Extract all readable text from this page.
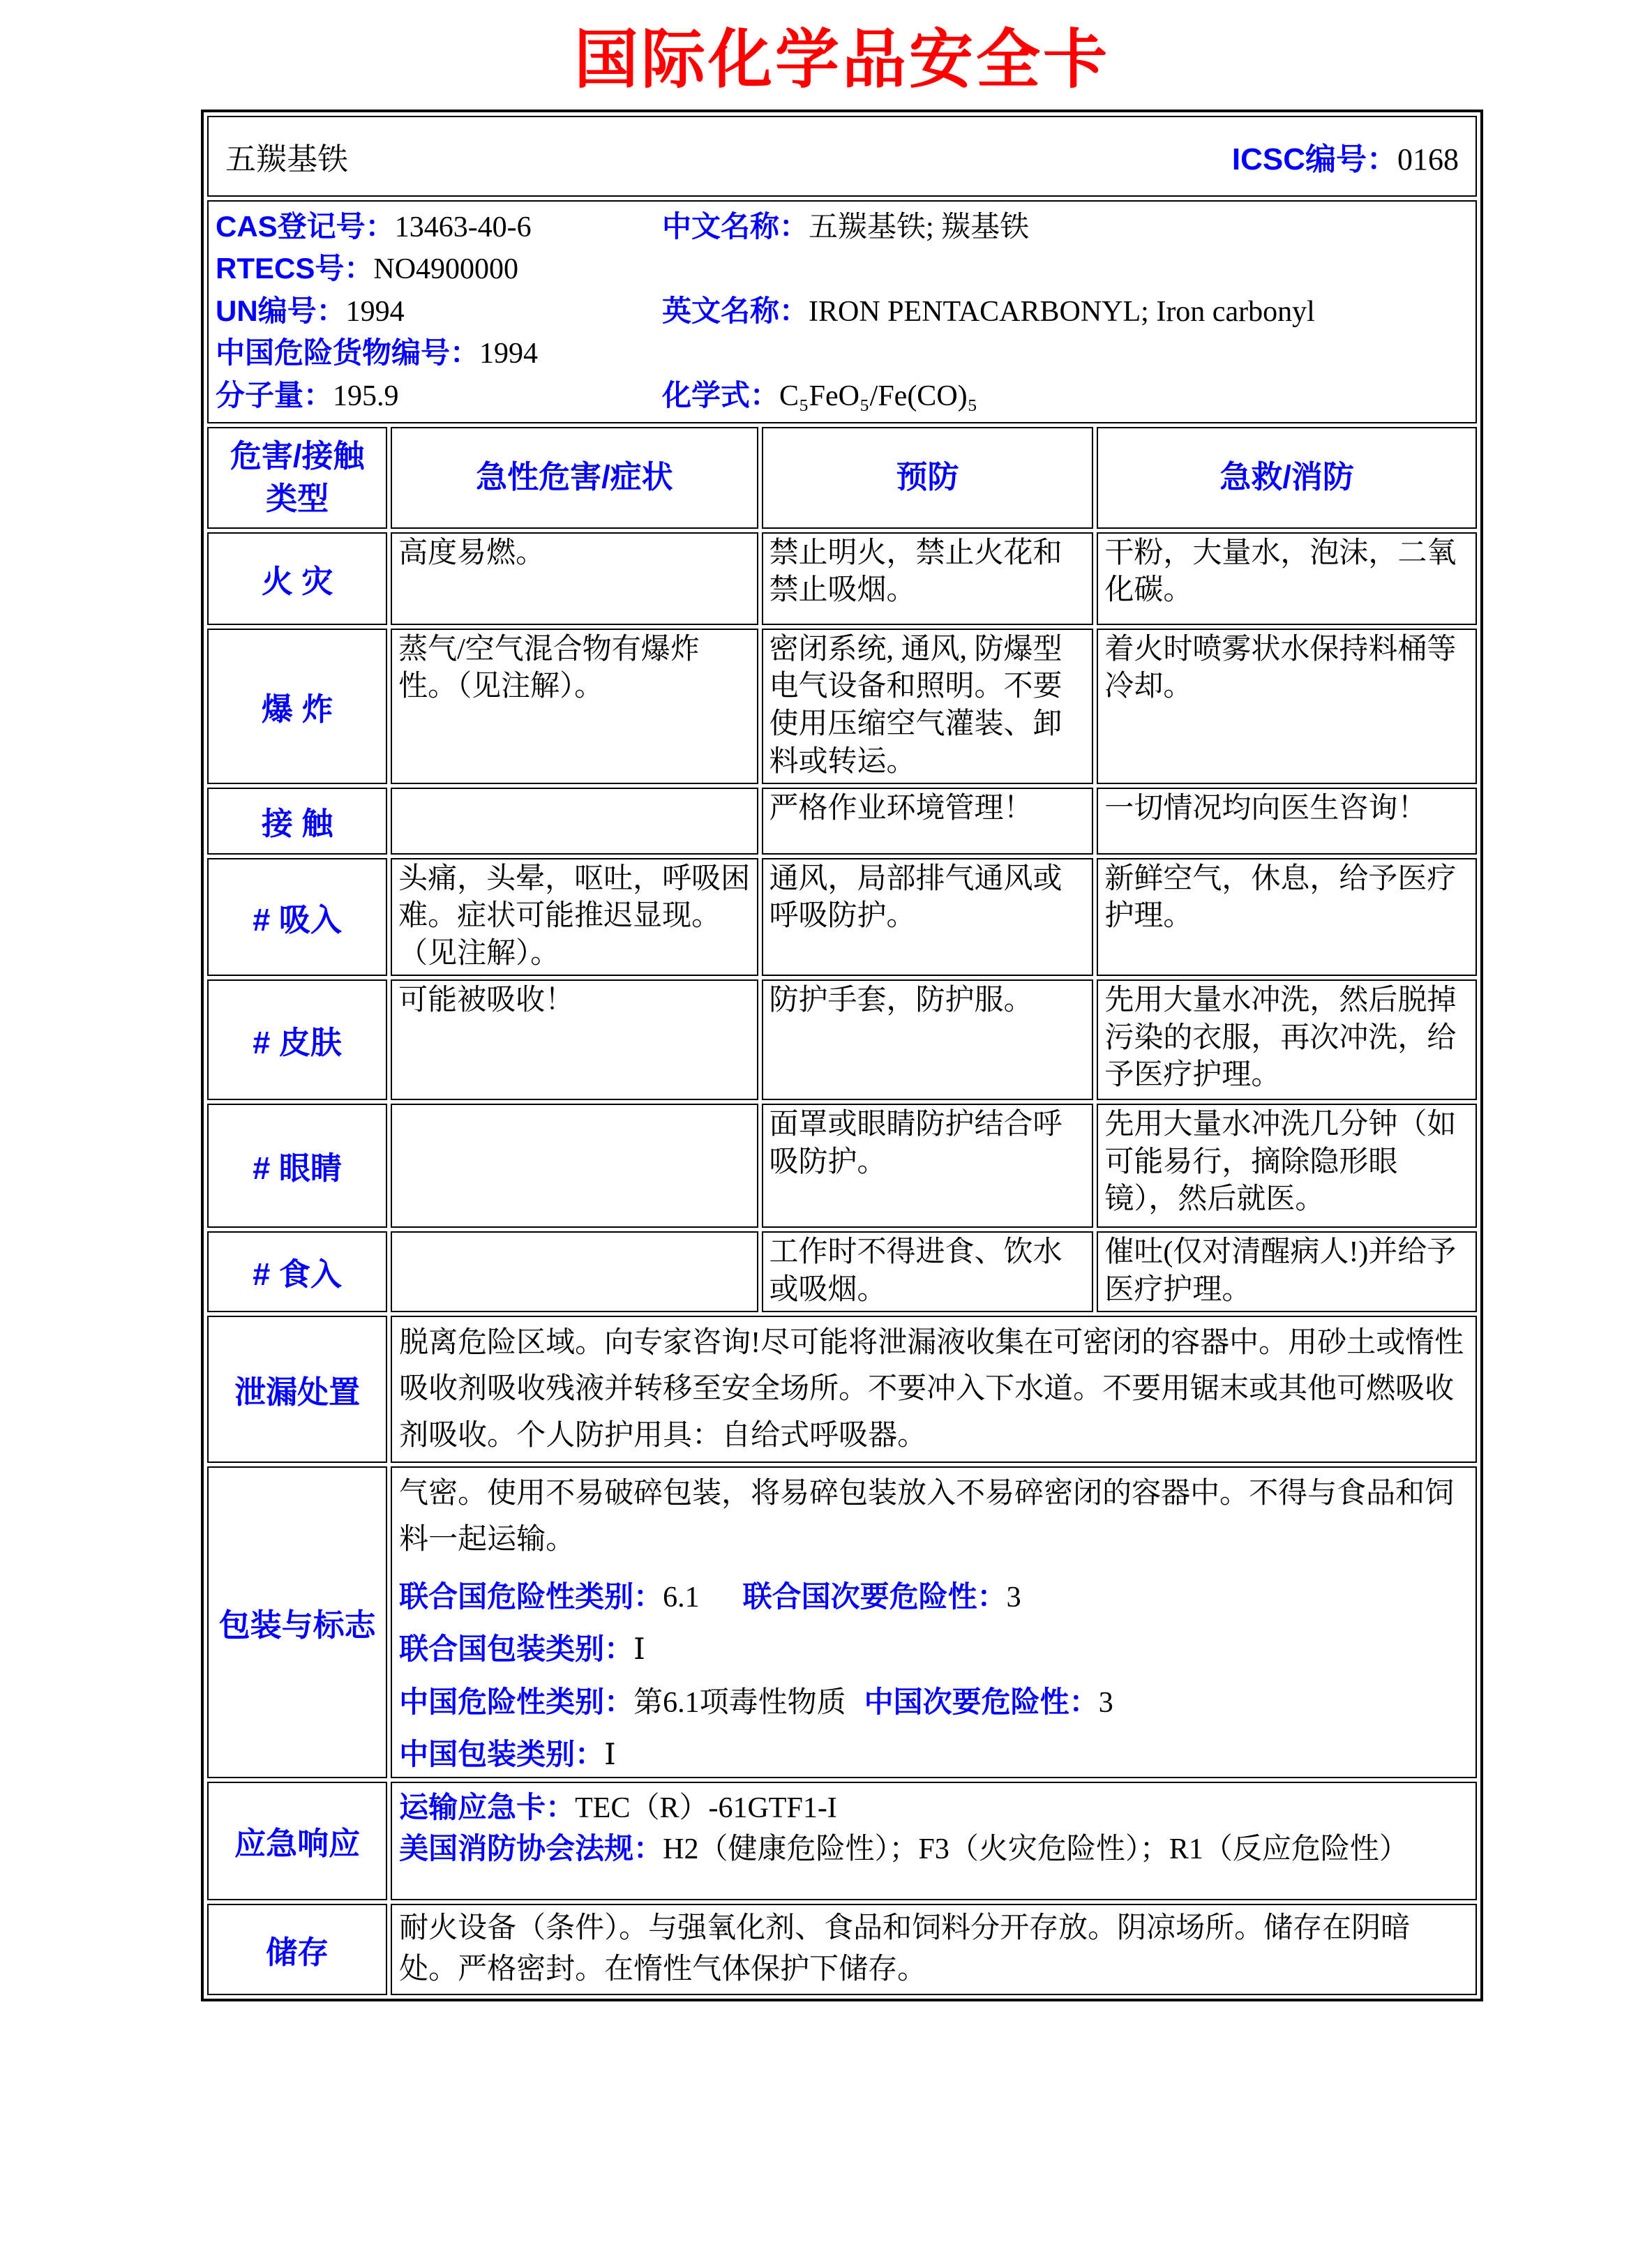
国际化学品安全卡
五羰基铁 ICSC编号：0168			

CAS登记号：13463-40-6
RTECS号：NO4900000
UN编号：1994
中国危险货物编号：1994
分子量：195.9
中文名称：五羰基铁; 羰基铁
英文名称：IRON PENTACARBONYL; Iron carbonyl
化学式：C₅FeO₅/Fe(CO)₅

危害/接触
类型	急性危害/症状	预防	急救/消防

火 灾	高度易燃。	禁止明火，禁止火花和禁止吸烟。	干粉，大量水，泡沫，二氧化碳。
爆 炸	蒸气/空气混合物有爆炸性。（见注解）。	密闭系统, 通风, 防爆型电气设备和照明。不要使用压缩空气灌装、卸料或转运。	着火时喷雾状水保持料桶等冷却。
接 触		严格作业环境管理！	一切情况均向医生咨询！
# 吸入	头痛，头晕，呕吐，呼吸困难。症状可能推迟显现。（见注解）。	通风，局部排气通风或呼吸防护。	新鲜空气，休息，给予医疗护理。
# 皮肤	可能被吸收！	防护手套，防护服。	先用大量水冲洗，然后脱掉污染的衣服，再次冲洗，给予医疗护理。
# 眼睛		面罩或眼睛防护结合呼吸防护。	先用大量水冲洗几分钟（如可能易行，摘除隐形眼镜），然后就医。
# 食入		工作时不得进食、饮水或吸烟。	催吐(仅对清醒病人!)并给予医疗护理。
泄漏处置	脱离危险区域。向专家咨询!尽可能将泄漏液收集在可密闭的容器中。用砂土或惰性吸收剂吸收残液并转移至安全场所。不要冲入下水道。不要用锯末或其他可燃吸收剂吸收。个人防护用具：自给式呼吸器。		

包装与标志	气密。使用不易破碎包装，将易碎包装放入不易碎密闭的容器中。不得与食品和饲料一起运输。
联合国危险性类别：6.1 联合国次要危险性：3
联合国包装类别：Ⅰ
中国危险性类别：第6.1项毒性物质 中国次要危险性：3
中国包装类别：Ⅰ		

应急响应	运输应急卡：TEC（R）-61GTF1-I
美国消防协会法规：H2（健康危险性）；F3（火灾危险性）；R1（反应危险性）		

储存	耐火设备（条件）。与强氧化剂、食品和饲料分开存放。阴凉场所。储存在阴暗处。严格密封。在惰性气体保护下储存。		
